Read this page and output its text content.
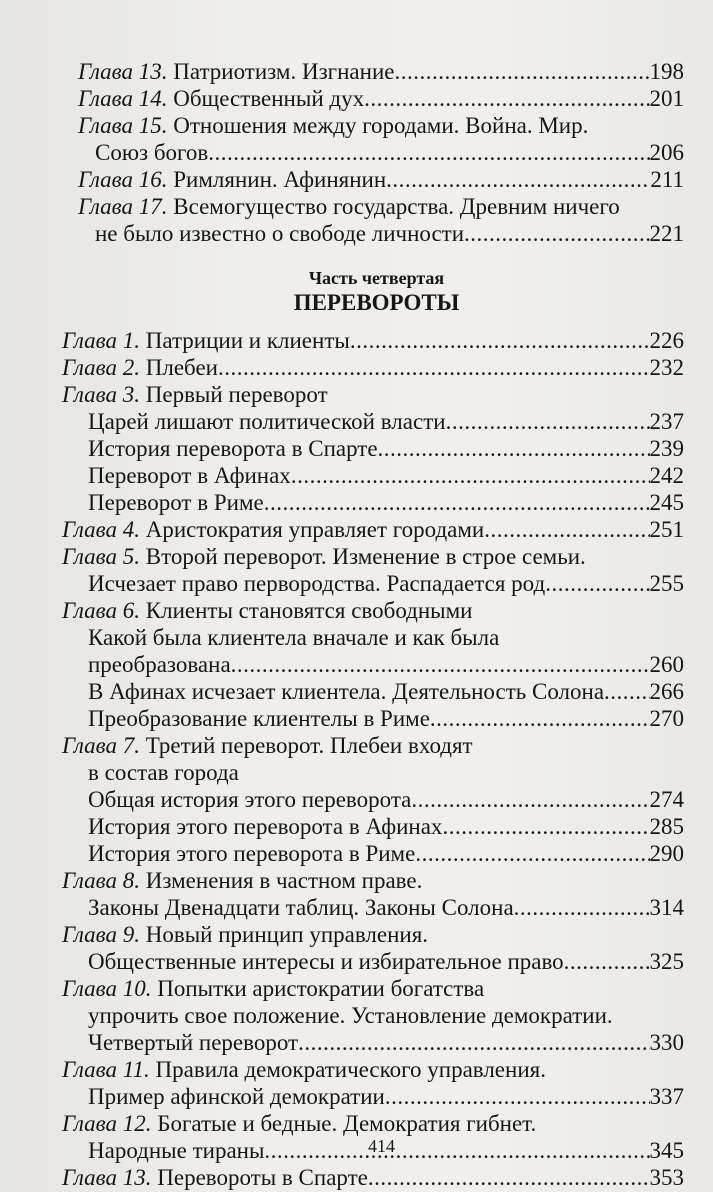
Глава 13.
Патриотизм. Изгнание .....	198
Глава 14.
Общественный дух .....	201
Глава 15.
Отношения между городами. Война. Мир.
Союз богов .....	206
Глава 16.
Римлянин. Афинянин .....	211
Глава 17.
Всемогущество государства. Древним ничего
не было известно о свободе личности .....	221
Часть четвертая
ПЕРЕВОРОТЫ
Глава 1.
Патриции и клиенты .....	226
Глава 2.
Плебеи .....	232
Глава 3.
Первый переворот
Царей лишают политической власти .....	237
История переворота в Спарте .....	239
Переворот в Афинах .....	242
Переворот в Риме .....	245
Глава 4.
Аристократия управляет городами .....	251
Глава 5.
Второй переворот. Изменение в строе семьи.
Исчезает право первородства. Распадается род .....	255
Глава 6.
Клиенты становятся свободными
Какой была клиентела вначале и как была
преобразована .....	260
В Афинах исчезает клиентела. Деятельность Солона ..... 266
Преобразование клиентелы в Риме .....	270
Глава 7.
Третий переворот. Плебеи входят
в состав города
Общая история этого переворота .....	274
История этого переворота в Афинах .....	285
История этого переворота в Риме .....	290
Глава 8.
Изменения в частном праве.
Законы Двенадцати таблиц. Законы Солона .....	314
Глава 9.
Новый принцип управления.
Общественные интересы и избирательное право .....	325
Глава 10.
Попытки аристократии богатства
упрочить свое положение. Установление демократии.
Четвертый переворот .....	330
Глава 11.
Правила демократического управления.
Пример афинской демократии .....	337
Глава 12.
Богатые и бедные. Демократия гибнет.
Народные тираны .....	345
Глава 13.
Перевороты в Спарте .....	353
414
